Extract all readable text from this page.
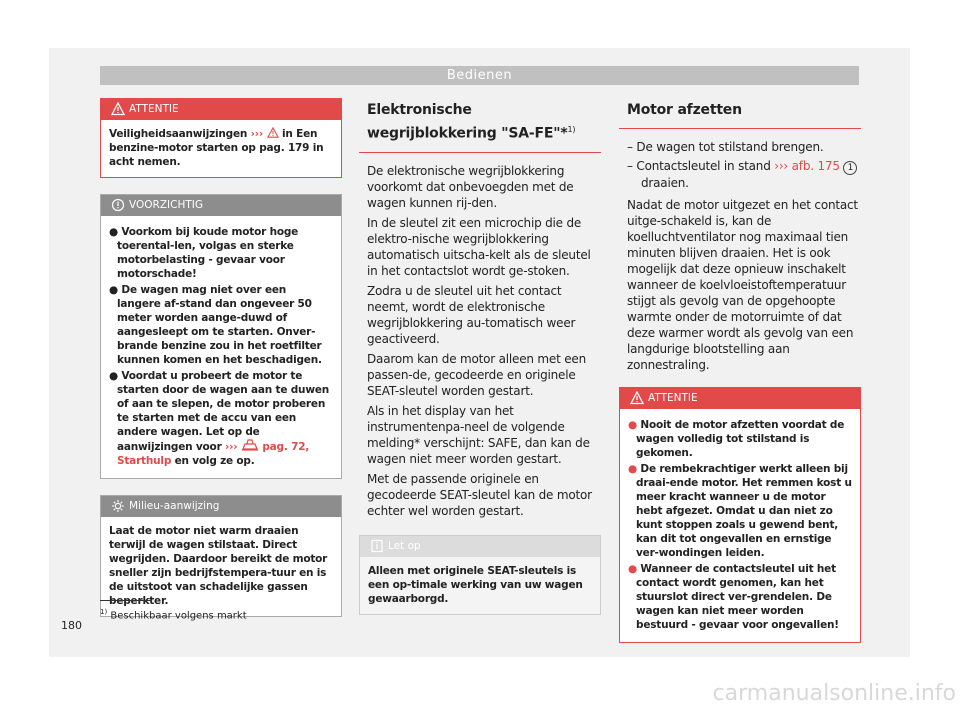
Bedienen
ATTENTIE
Veiligheidsaanwijzingen ››› in Een benzine-motor starten op pag. 179 in acht nemen.
VOORZICHTIG
● Voorkom bij koude motor hoge toerental-len, volgas en sterke motorbelasting - gevaar voor motorschade!
● De wagen mag niet over een langere af-stand dan ongeveer 50 meter worden aange-duwd of aangesleept om te starten. Onver-brande benzine zou in het roetfilter kunnen komen en het beschadigen.
● Voordat u probeert de motor te starten door de wagen aan te duwen of aan te slepen, de motor proberen te starten met de accu van een andere wagen. Let op de aanwijzingen voor ››› pag. 72, Starthulp en volg ze op.
Milieu-aanwijzing
Laat de motor niet warm draaien terwijl de wagen stilstaat. Direct wegrijden. Daardoor bereikt de motor sneller zijn bedrijfstempera-tuur en is de uitstoot van schadelijke gassen beperkter.
Elektronische wegrijblokkering "SA-FE"*$^{1)}$

De elektronische wegrijblokkering voorkomt dat onbevoegden met de wagen kunnen rij-den.

In de sleutel zit een microchip die de elektro-nische wegrijblokkering automatisch uitscha-kelt als de sleutel in het contactslot wordt ge-stoken.

Zodra u de sleutel uit het contact neemt, wordt de elektronische wegrijblokkering au-tomatisch weer geactiveerd.

Daarom kan de motor alleen met een passen-de, gecodeerde en originele SEAT-sleutel worden gestart.

Als in het display van het instrumentenpa-neel de volgende melding* verschijnt: SAFE, dan kan de wagen niet meer worden gestart.

Met de passende originele en gecodeerde SEAT-sleutel kan de motor echter wel worden gestart.

Let op
Alleen met originele SEAT-sleutels is een op-timale werking van uw wagen gewaarborgd.
Motor afzetten
– De wagen tot stilstand brengen.
– Contactsleutel in stand ››› afb. 175 1 draaien.

Nadat de motor uitgezet en het contact uitge-schakeld is, kan de koelluchtventilator nog maximaal tien minuten blijven draaien. Het is ook mogelijk dat deze opnieuw inschakelt wanneer de koelvloeistoftemperatuur stijgt als gevolg van de opgehoopte warmte onder de motorruimte of dat deze warmer wordt als gevolg van een langdurige blootstelling aan zonnestraling.

ATTENTIE
● Nooit de motor afzetten voordat de wagen volledig tot stilstand is gekomen.
● De rembekrachtiger werkt alleen bij draai-ende motor. Het remmen kost u meer kracht wanneer u de motor hebt afgezet. Omdat u dan niet zo kunt stoppen zoals u gewend bent, kan dit tot ongevallen en ernstige ver-wondingen leiden.
● Wanneer de contactsleutel uit het contact wordt genomen, kan het stuurslot direct ver-grendelen. De wagen kan niet meer worden bestuurd - gevaar voor ongevallen!
$^{1)}$ Beschikbaar volgens markt
180
carmanualsonline.info
